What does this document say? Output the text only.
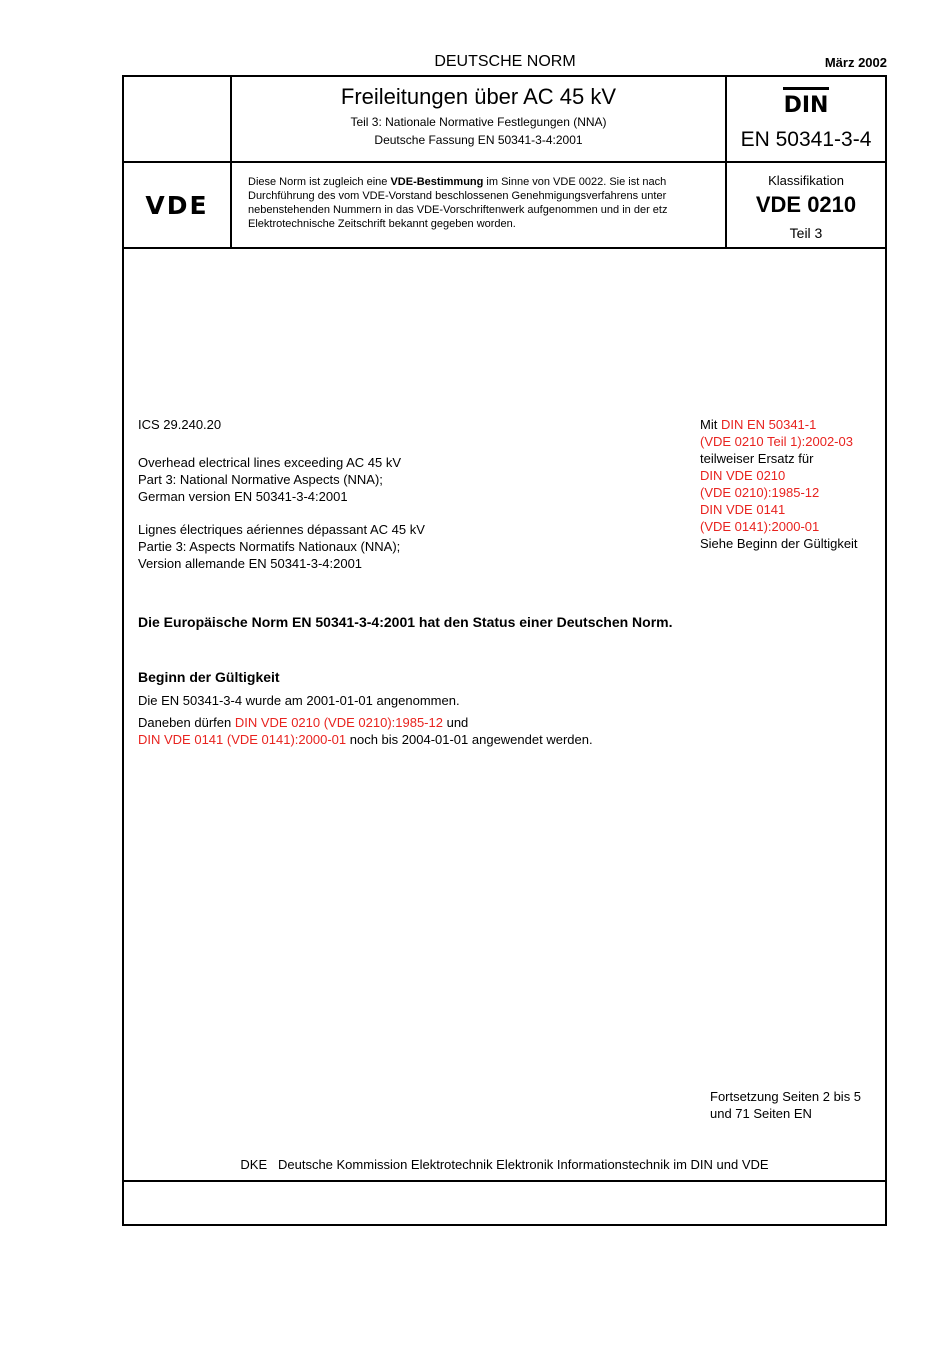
DEUTSCHE NORM	März 2002
Freileitungen über AC 45 kV
Teil 3: Nationale Normative Festlegungen (NNA)
Deutsche Fassung EN 50341-3-4:2001
DIN
EN 50341-3-4
VDE
Diese Norm ist zugleich eine VDE-Bestimmung im Sinne von VDE 0022. Sie ist nach Durchführung des vom VDE-Vorstand beschlossenen Genehmigungsverfahrens unter nebenstehenden Nummern in das VDE-Vorschriftenwerk aufgenommen und in der etz Elektrotechnische Zeitschrift bekannt gegeben worden.
Klassifikation
VDE 0210
Teil 3
ICS 29.240.20
Overhead electrical lines exceeding AC 45 kV
Part 3: National Normative Aspects (NNA);
German version EN 50341-3-4:2001
Lignes électriques aériennes dépassant AC 45 kV
Partie 3: Aspects Normatifs Nationaux (NNA);
Version allemande EN 50341-3-4:2001
Mit DIN EN 50341-1
(VDE 0210 Teil 1):2002-03
teilweiser Ersatz für
DIN VDE 0210
(VDE 0210):1985-12
DIN VDE 0141
(VDE 0141):2000-01
Siehe Beginn der Gültigkeit
Die Europäische Norm EN 50341-3-4:2001 hat den Status einer Deutschen Norm.
Beginn der Gültigkeit
Die EN 50341-3-4 wurde am 2001-01-01 angenommen.
Daneben dürfen DIN VDE 0210 (VDE 0210):1985-12 und
DIN VDE 0141 (VDE 0141):2000-01 noch bis 2004-01-01 angewendet werden.
Fortsetzung Seiten 2 bis 5
und 71 Seiten EN
DKE Deutsche Kommission Elektrotechnik Elektronik Informationstechnik im DIN und VDE
